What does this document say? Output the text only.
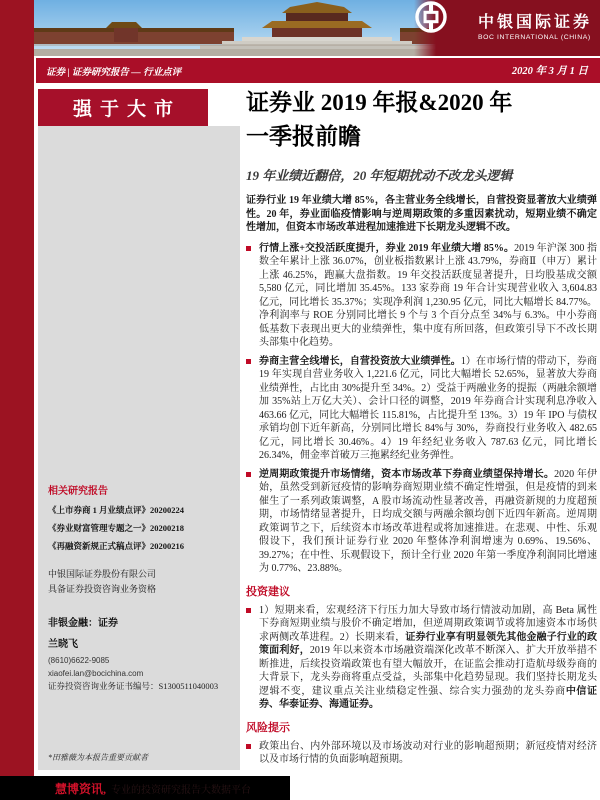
中银国际证券
BOC INTERNATIONAL (CHINA)
证券 | 证券研究报告 — 行业点评	2020 年 3 月 1 日
强于大市
相关研究报告
《上市券商 1 月业绩点评》20200224
《券业财富管理专题之一》20200218
《再融资新规正式稿点评》20200216
中银国际证券股份有限公司
具备证券投资咨询业务资格
非银金融：证券
兰晓飞
(8610)6622-9085
xiaofei.lan@bocichina.com
证券投资咨询业务证书编号：S1300511040003
*田雅薇为本报告重要贡献者
证券业 2019 年报&2020 年
一季报前瞻
19 年业绩近翻倍，20 年短期扰动不改龙头逻辑
证券行业 19 年业绩大增 85%，各主营业务全线增长，自营投资显著放大业绩弹性。20 年，券业面临疫情影响与逆周期政策的多重因素扰动，短期业绩不确定性增加，但资本市场改革进程加速推进下长期龙头逻辑不改。
行情上涨+交投活跃度提升，券业 2019 年业绩大增 85%。2019 年沪深 300 指数全年累计上涨 36.07%，创业板指数累计上涨 43.79%，券商Ⅱ（申万）累计上涨 46.25%，跑赢大盘指数。19 年交投活跃度显著提升，日均股基成交额 5,580 亿元，同比增加 35.45%。133 家券商 19 年合计实现营业收入 3,604.83 亿元，同比增长 35.37%；实现净利润 1,230.95 亿元，同比大幅增长 84.77%。净利润率与 ROE 分别同比增长 9 个与 3 个百分点至 34%与 6.3%。中小券商低基数下表现出更大的业绩弹性，集中度有所回落，但政策引导下不改长期头部集中化趋势。
券商主营全线增长，自营投资放大业绩弹性。1）在市场行情的带动下，券商 19 年实现自营业务收入 1,221.6 亿元，同比大幅增长 52.65%，显著放大券商业绩弹性，占比由 30%提升至 34%。2）受益于两融业务的提振（两融余额增加 35%站上万亿大关）、会计口径的调整，2019 年券商合计实现利息净收入 463.66 亿元，同比大幅增长 115.81%，占比提升至 13%。3）19 年 IPO 与债权承销均创下近年新高，分别同比增长 84%与 30%，券商投行业务收入 482.65 亿元，同比增长 30.46%。4）19 年经纪业务收入 787.63 亿元，同比增长 26.34%，佣金率首破万三拖累经纪业务弹性。
逆周期政策提升市场情绪，资本市场改革下券商业绩望保持增长。2020 年伊始，虽然受到新冠疫情的影响券商短期业绩不确定性增强，但是疫情的到来催生了一系列政策调整，A 股市场流动性显著改善，再融资新规的力度超预期，市场情绪显著提升，日均成交额与两融余额均创下近四年新高。逆周期政策调节之下，后续资本市场改革进程或将加速推进。在悲观、中性、乐观假设下，我们预计证券行业 2020 年整体净利润增速为 0.69%、19.56%、39.27%；在中性、乐观假设下，预计全行业 2020 年第一季度净利润同比增速为 0.77%、23.88%。
投资建议
1）短期来看，宏观经济下行压力加大导致市场行情波动加剧，高 Beta 属性下券商短期业绩与股价不确定增加，但逆周期政策调节或将加速资本市场供求两侧改革进程。2）长期来看，证券行业享有明显领先其他金融子行业的政策面利好，2019 年以来资本市场融资端深化改革不断深入、扩大开放举措不断推进，后续投资端政策也有望大幅放开，在证监会推动打造航母级券商的大背景下，龙头券商将重点受益，头部集中化趋势显现。我们坚持长期龙头逻辑不变，建议重点关注业绩稳定性强、综合实力强劲的龙头券商中信证券、华泰证券、海通证券。
风险提示
政策出台、内外部环境以及市场波动对行业的影响超预期；新冠疫情对经济以及市场行情的负面影响超预期。
慧博资讯, 专业的投资研究报告大数据平台
